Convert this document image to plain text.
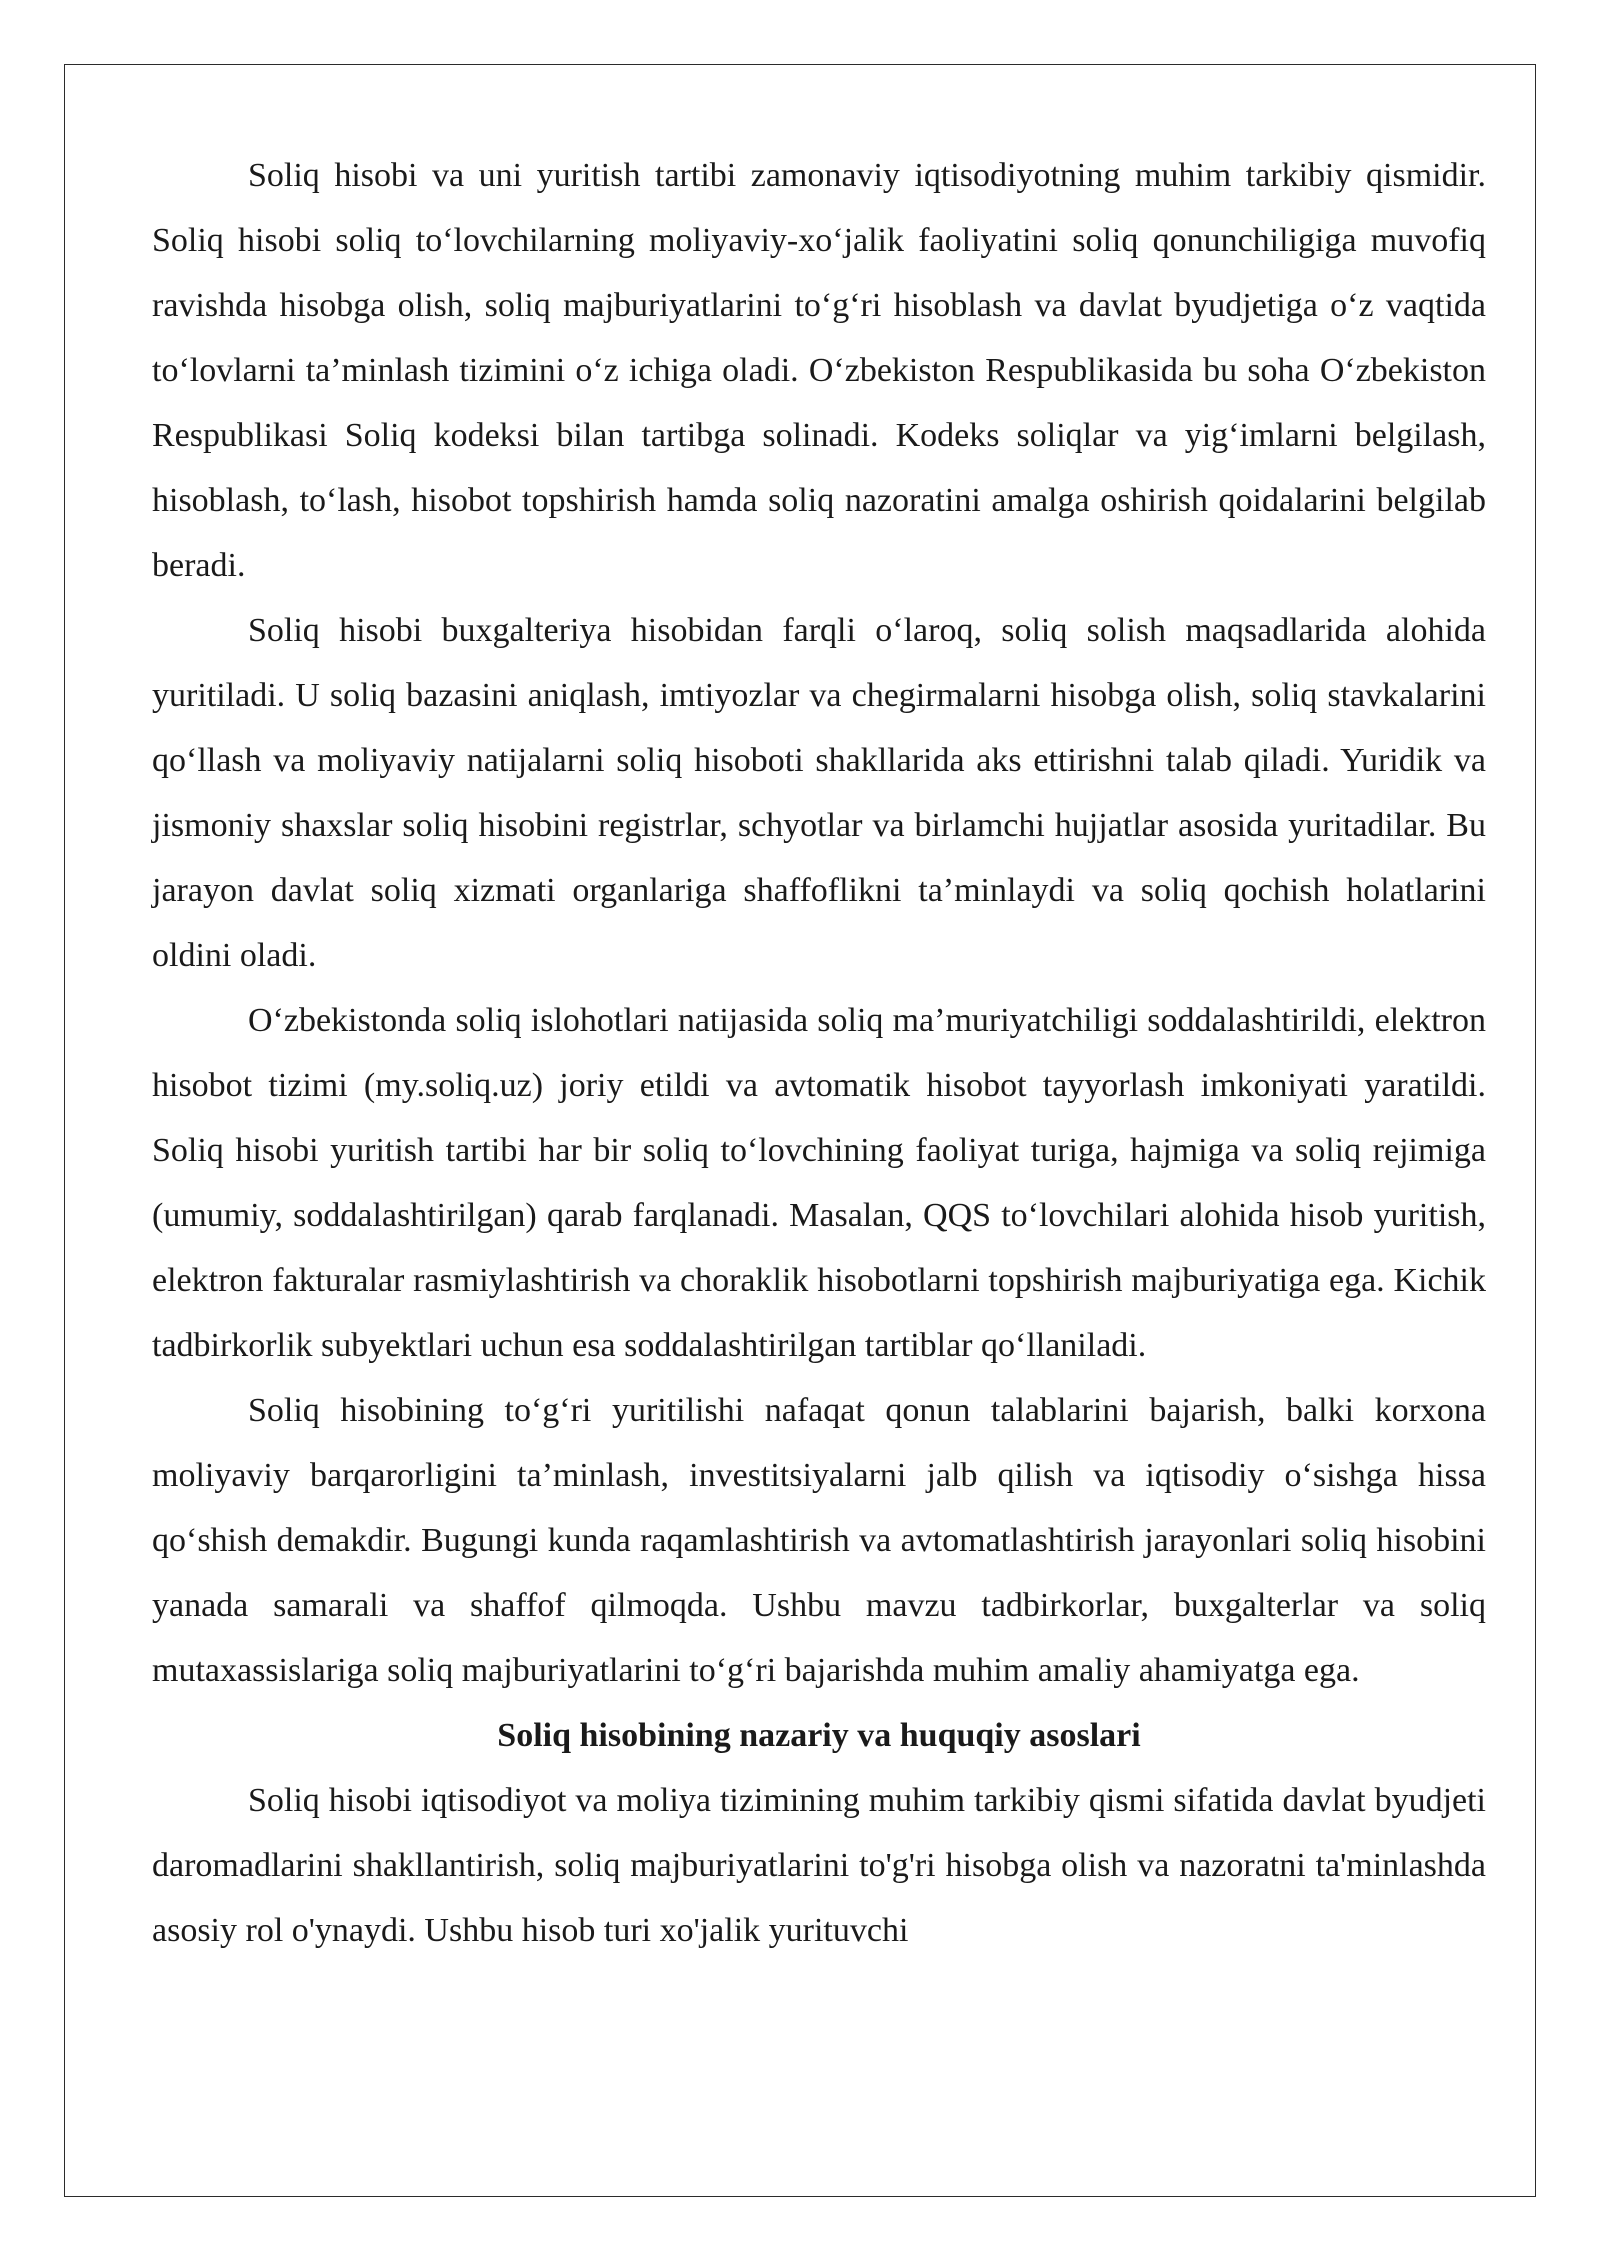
Soliq hisobi va uni yuritish tartibi zamonaviy iqtisodiyotning muhim tarkibiy qismidir. Soliq hisobi soliq to‘lovchilarning moliyaviy-xo‘jalik faoliyatini soliq qonunchiligiga muvofiq ravishda hisobga olish, soliq majburiyatlarini to‘g‘ri hisoblash va davlat byudjetiga o‘z vaqtida to‘lovlarni ta’minlash tizimini o‘z ichiga oladi. O‘zbekiston Respublikasida bu soha O‘zbekiston Respublikasi Soliq kodeksi bilan tartibga solinadi. Kodeks soliqlar va yig‘imlarni belgilash, hisoblash, to‘lash, hisobot topshirish hamda soliq nazoratini amalga oshirish qoidalarini belgilab beradi.

Soliq hisobi buxgalteriya hisobidan farqli o‘laroq, soliq solish maqsadlarida alohida yuritiladi. U soliq bazasini aniqlash, imtiyozlar va chegirmalarni hisobga olish, soliq stavkalarini qo‘llash va moliyaviy natijalarni soliq hisoboti shakllarida aks ettirishni talab qiladi. Yuridik va jismoniy shaxslar soliq hisobini registrlar, schyotlar va birlamchi hujjatlar asosida yuritadilar. Bu jarayon davlat soliq xizmati organlariga shaffoflikni ta’minlaydi va soliq qochish holatlarini oldini oladi.

O‘zbekistonda soliq islohotlari natijasida soliq ma’muriyatchiligi soddalashtirildi, elektron hisobot tizimi (my.soliq.uz) joriy etildi va avtomatik hisobot tayyorlash imkoniyati yaratildi. Soliq hisobi yuritish tartibi har bir soliq to‘lovchining faoliyat turiga, hajmiga va soliq rejimiga (umumiy, soddalashtirilgan) qarab farqlanadi. Masalan, QQS to‘lovchilari alohida hisob yuritish, elektron fakturalar rasmiylashtirish va choraklik hisobotlarni topshirish majburiyatiga ega. Kichik tadbirkorlik subyektlari uchun esa soddalashtirilgan tartiblar qo‘llaniladi.

Soliq hisobining to‘g‘ri yuritilishi nafaqat qonun talablarini bajarish, balki korxona moliyaviy barqarorligini ta’minlash, investitsiyalarni jalb qilish va iqtisodiy o‘sishga hissa qo‘shish demakdir. Bugungi kunda raqamlashtirish va avtomatlashtirish jarayonlari soliq hisobini yanada samarali va shaffof qilmoqda. Ushbu mavzu tadbirkorlar, buxgalterlar va soliq mutaxassislariga soliq majburiyatlarini to‘g‘ri bajarishda muhim amaliy ahamiyatga ega.

Soliq hisobining nazariy va huquqiy asoslari

Soliq hisobi iqtisodiyot va moliya tizimining muhim tarkibiy qismi sifatida davlat byudjeti daromadlarini shakllantirish, soliq majburiyatlarini to'g'ri hisobga olish va nazoratni ta'minlashda asosiy rol o'ynaydi. Ushbu hisob turi xo'jalik yurituvchi
